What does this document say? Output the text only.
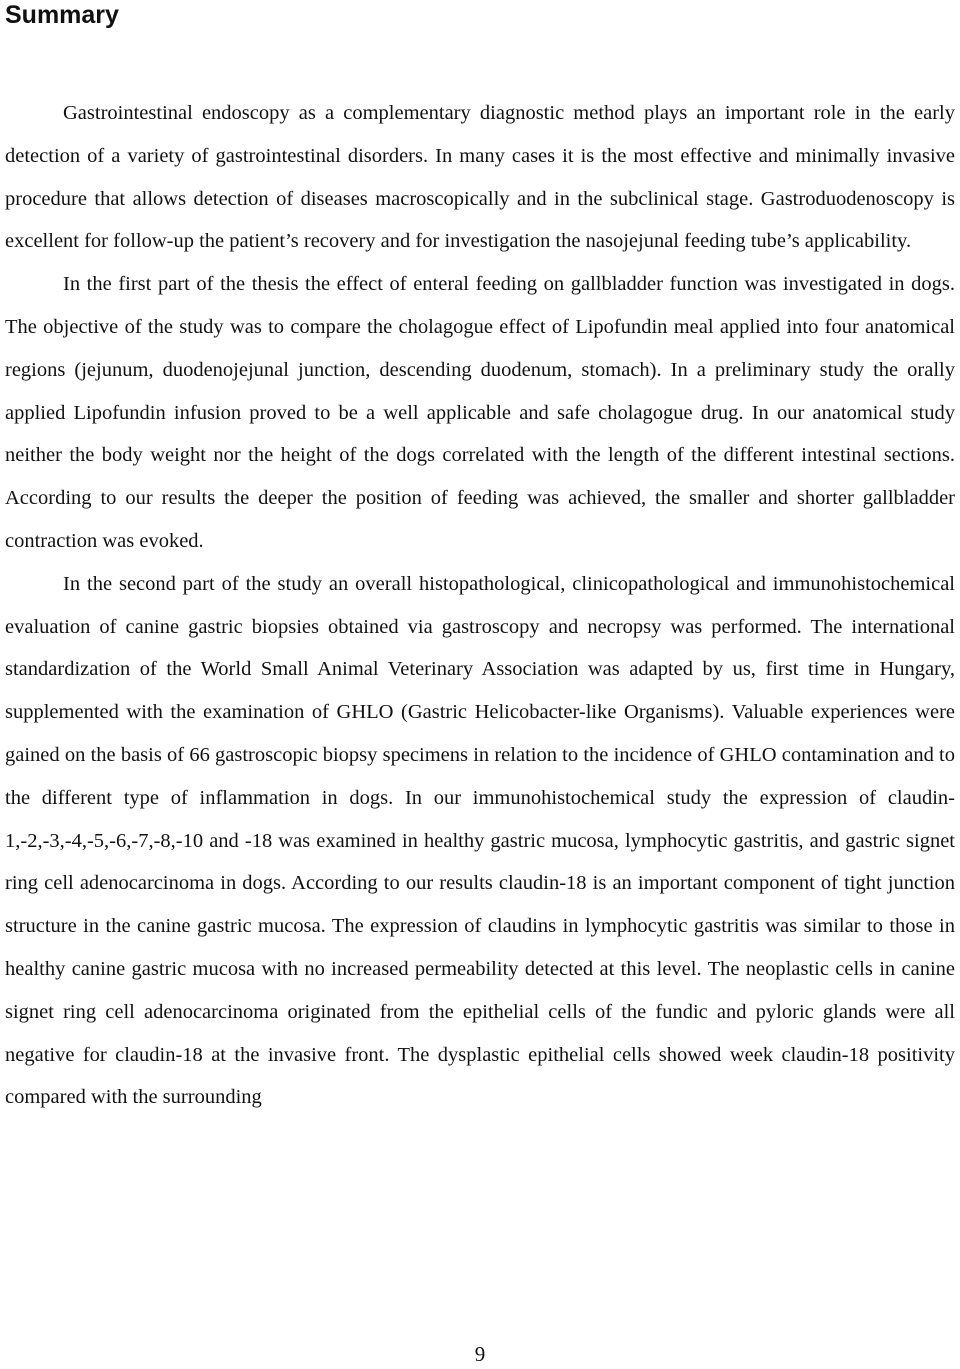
Summary

Gastrointestinal endoscopy as a complementary diagnostic method plays an important role in the early detection of a variety of gastrointestinal disorders. In many cases it is the most effective and minimally invasive procedure that allows detection of diseases macroscopically and in the subclinical stage. Gastroduodenoscopy is excellent for follow-up the patient’s recovery and for investigation the nasojejunal feeding tube’s applicability.

In the first part of the thesis the effect of enteral feeding on gallbladder function was investigated in dogs. The objective of the study was to compare the cholagogue effect of Lipofundin meal applied into four anatomical regions (jejunum, duodenojejunal junction, descending duodenum, stomach). In a preliminary study the orally applied Lipofundin infusion proved to be a well applicable and safe cholagogue drug. In our anatomical study neither the body weight nor the height of the dogs correlated with the length of the different intestinal sections. According to our results the deeper the position of feeding was achieved, the smaller and shorter gallbladder contraction was evoked.

In the second part of the study an overall histopathological, clinicopathological and immunohistochemical evaluation of canine gastric biopsies obtained via gastroscopy and necropsy was performed. The international standardization of the World Small Animal Veterinary Association was adapted by us, first time in Hungary, supplemented with the examination of GHLO (Gastric Helicobacter-like Organisms). Valuable experiences were gained on the basis of 66 gastroscopic biopsy specimens in relation to the incidence of GHLO contamination and to the different type of inflammation in dogs. In our immunohistochemical study the expression of claudin-1,-2,-3,-4,-5,-6,-7,-8,-10 and -18 was examined in healthy gastric mucosa, lymphocytic gastritis, and gastric signet ring cell adenocarcinoma in dogs. According to our results claudin-18 is an important component of tight junction structure in the canine gastric mucosa. The expression of claudins in lymphocytic gastritis was similar to those in healthy canine gastric mucosa with no increased permeability detected at this level. The neoplastic cells in canine signet ring cell adenocarcinoma originated from the epithelial cells of the fundic and pyloric glands were all negative for claudin-18 at the invasive front. The dysplastic epithelial cells showed week claudin-18 positivity compared with the surrounding

9
